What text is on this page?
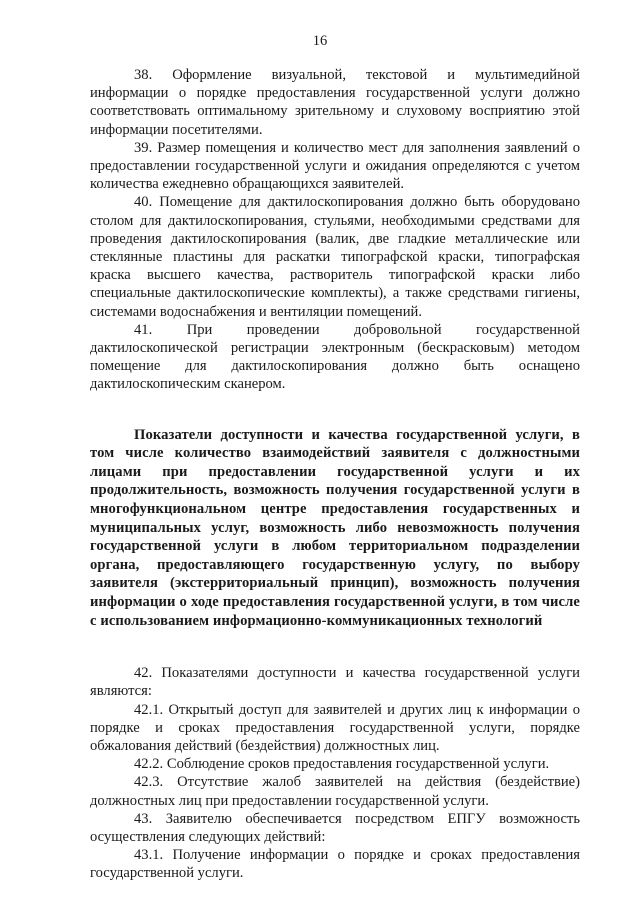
16

38. Оформление визуальной, текстовой и мультимедийной информации о порядке предоставления государственной услуги должно соответствовать оптимальному зрительному и слуховому восприятию этой информации посетителями.

39. Размер помещения и количество мест для заполнения заявлений о предоставлении государственной услуги и ожидания определяются с учетом количества ежедневно обращающихся заявителей.

40. Помещение для дактилоскопирования должно быть оборудовано столом для дактилоскопирования, стульями, необходимыми средствами для проведения дактилоскопирования (валик, две гладкие металлические или стеклянные пластины для раскатки типографской краски, типографская краска высшего качества, растворитель типографской краски либо специальные дактилоскопические комплекты), а также средствами гигиены, системами водоснабжения и вентиляции помещений.

41. При проведении добровольной государственной дактилоскопической регистрации электронным (бескрасковым) методом помещение для дактилоскопирования должно быть оснащено дактилоскопическим сканером.

Показатели доступности и качества государственной услуги, в том числе количество взаимодействий заявителя с должностными лицами при предоставлении государственной услуги и их продолжительность, возможность получения государственной услуги в многофункциональном центре предоставления государственных и муниципальных услуг, возможность либо невозможность получения государственной услуги в любом территориальном подразделении органа, предоставляющего государственную услугу, по выбору заявителя (экстерриториальный принцип), возможность получения информации о ходе предоставления государственной услуги, в том числе с использованием информационно-коммуникационных технологий

42. Показателями доступности и качества государственной услуги являются:

42.1. Открытый доступ для заявителей и других лиц к информации о порядке и сроках предоставления государственной услуги, порядке обжалования действий (бездействия) должностных лиц.

42.2. Соблюдение сроков предоставления государственной услуги.

42.3. Отсутствие жалоб заявителей на действия (бездействие) должностных лиц при предоставлении государственной услуги.

43. Заявителю обеспечивается посредством ЕПГУ возможность осуществления следующих действий:

43.1. Получение информации о порядке и сроках предоставления государственной услуги.
